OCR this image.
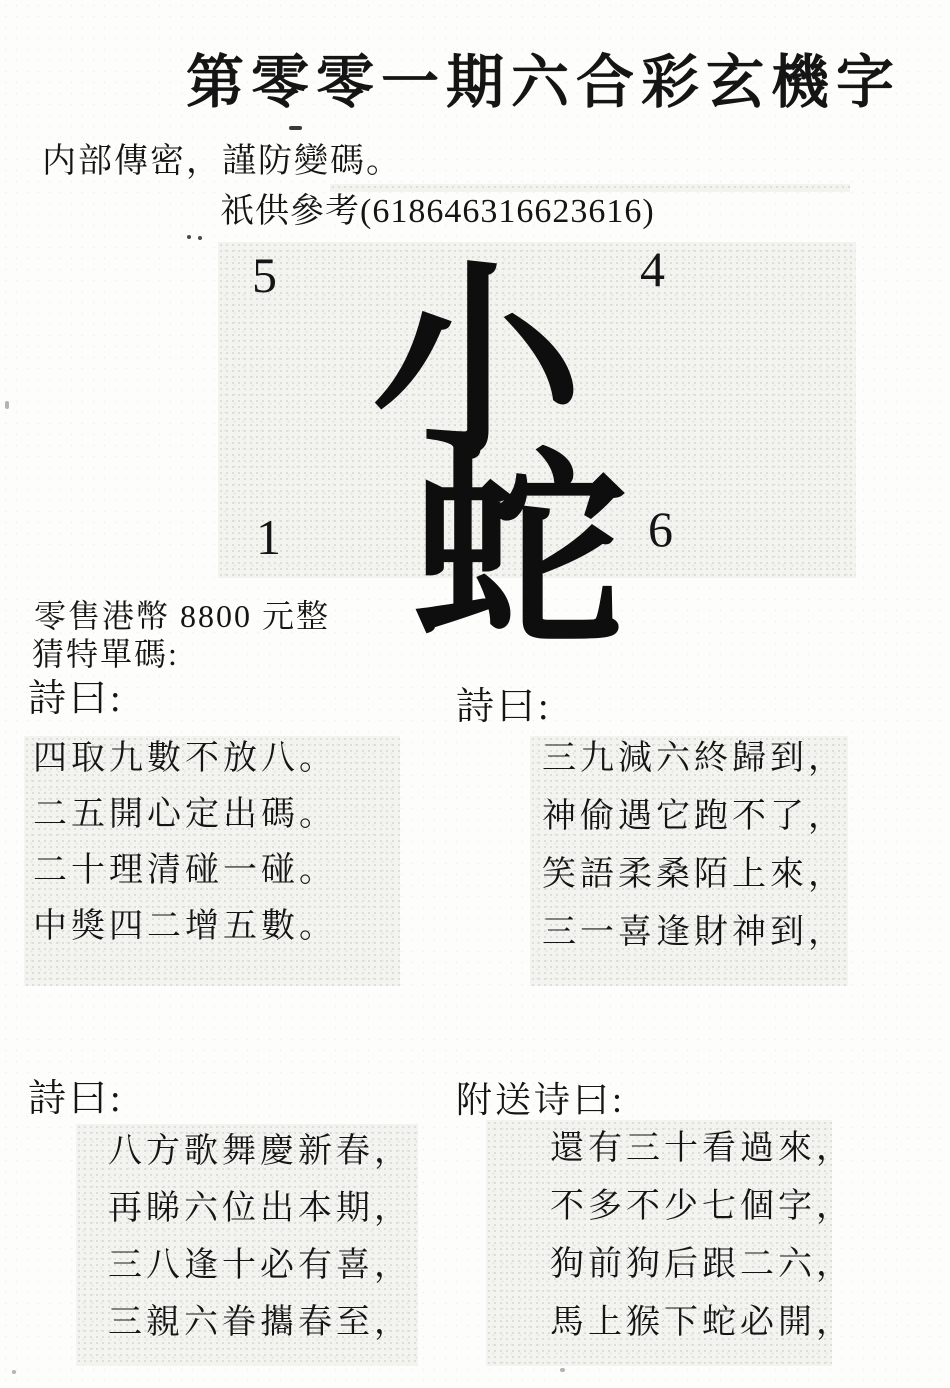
第零零一期六合彩玄機字
内部傳密，謹防變碼。
祇供參考(618646316623616)
5	4
1	6
小
蛇
零售港幣 8800 元整
猜特單碼:
詩曰:	詩曰:
詩曰:	附送诗曰:
四取九數不放八。
二五開心定出碼。
二十理清碰一碰。
中獎四二增五數。
三九減六終歸到，
神偷遇它跑不了，
笑語柔桑陌上來，
三一喜逢財神到，
八方歌舞慶新春，
再睇六位出本期，
三八逢十必有喜，
三親六眷攜春至，
還有三十看過來，
不多不少七個字，
狗前狗后跟二六，
馬上猴下蛇必開，
